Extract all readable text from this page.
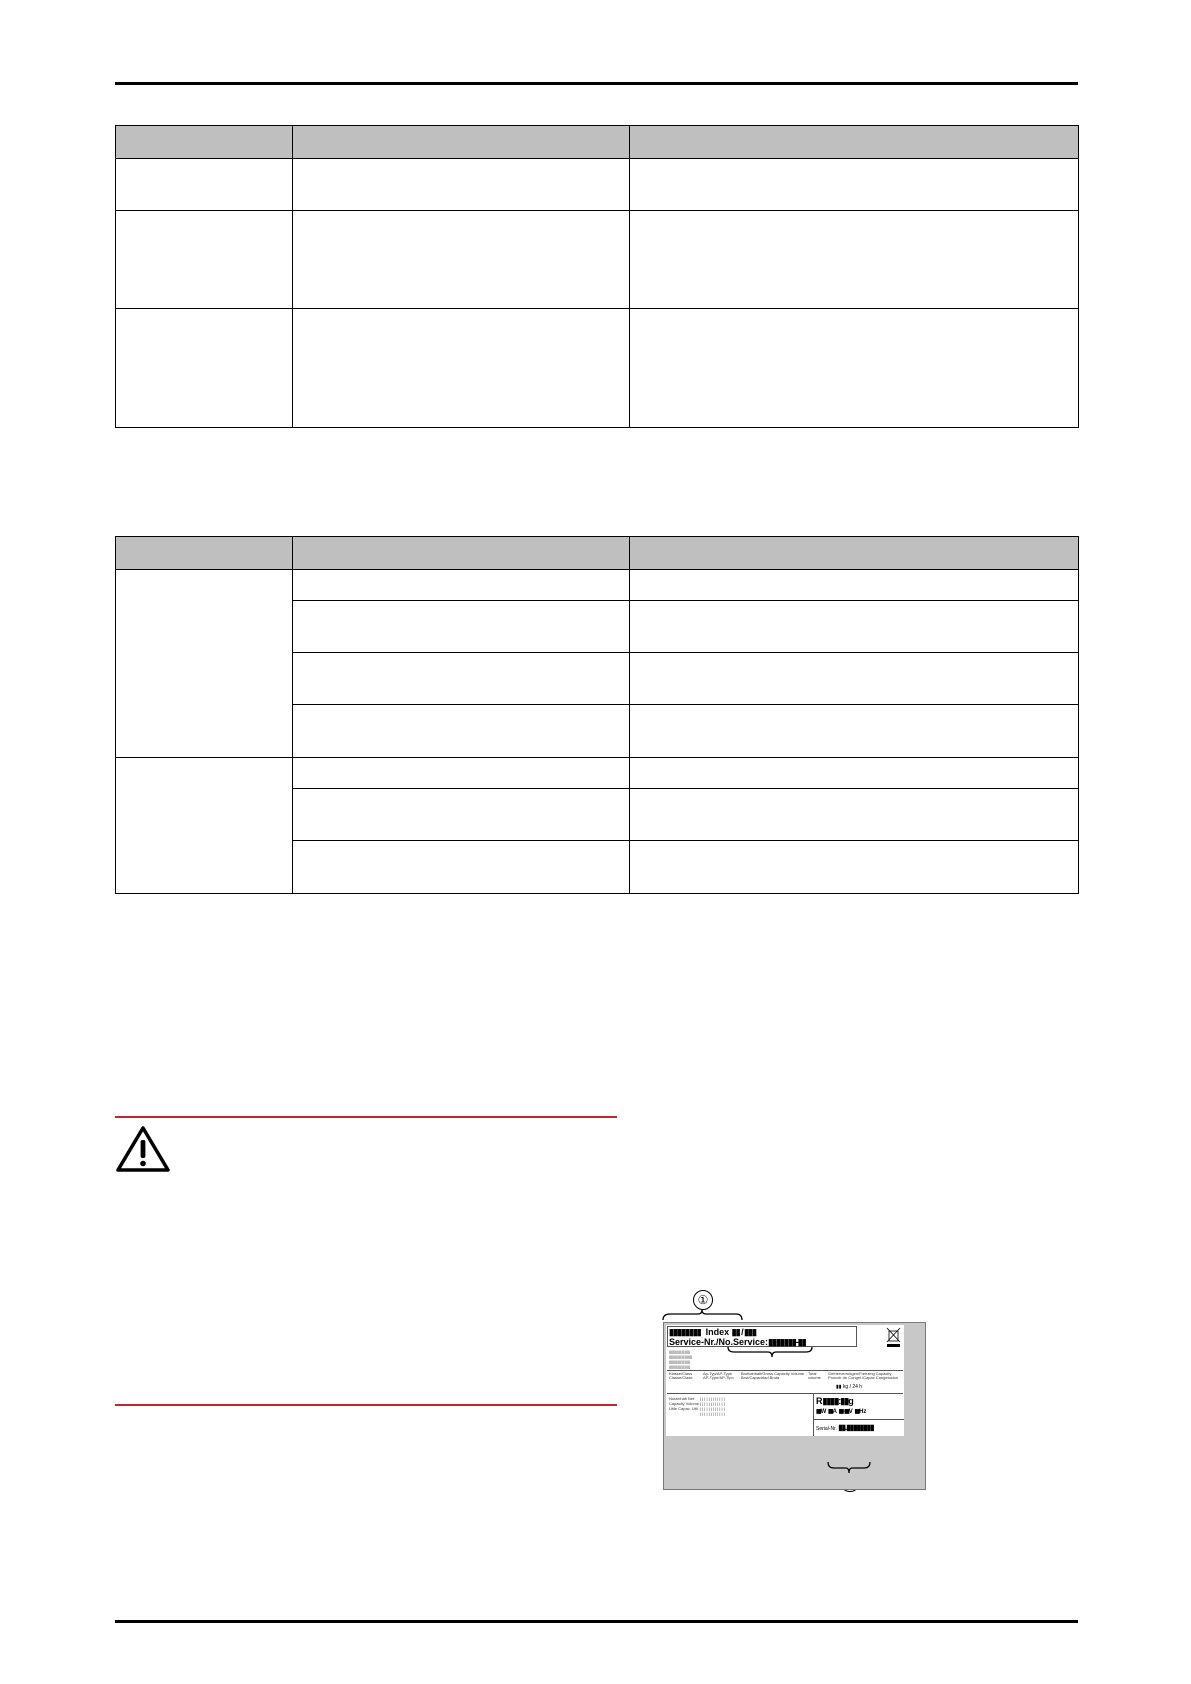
①
▮▮▮▮▮▮▮▮ Index ▮▮ / ▮▮▮
Service-Nr./No.Service:▮▮▮▮▮▮▮-▮▮
||||||||||||||||||||
||||||||||||||||||||||
||||||||||||||||||||
||||||||||||||||||||
Klasse/Class Classe/Clase
Ap-Typ/AP-Type AP-Type/AP-Tipo
Bruttoinhalt/Gross Capacity Volume Brut/Capacidad Bruta
Total volume
Gefriervermögen/Freezing Capacity Pouvoir de Congel./Capac.Congelacion
▮▮ kg / 24 h
Nutzinhalt Net Capacity Volume Utile Capac. Util
| | | | | | | | | | | |
| | | | | | | | | | | |
| | | | | | | | | | | |
| | | | | | | | | | | |
R▮▮▮▮:▮▮g
▮▮W ▮▮A ▮▮-▮▮V ▮▮Hz
Serial-Nr. ▮▮.▮▮▮▮▮▮▮▮
